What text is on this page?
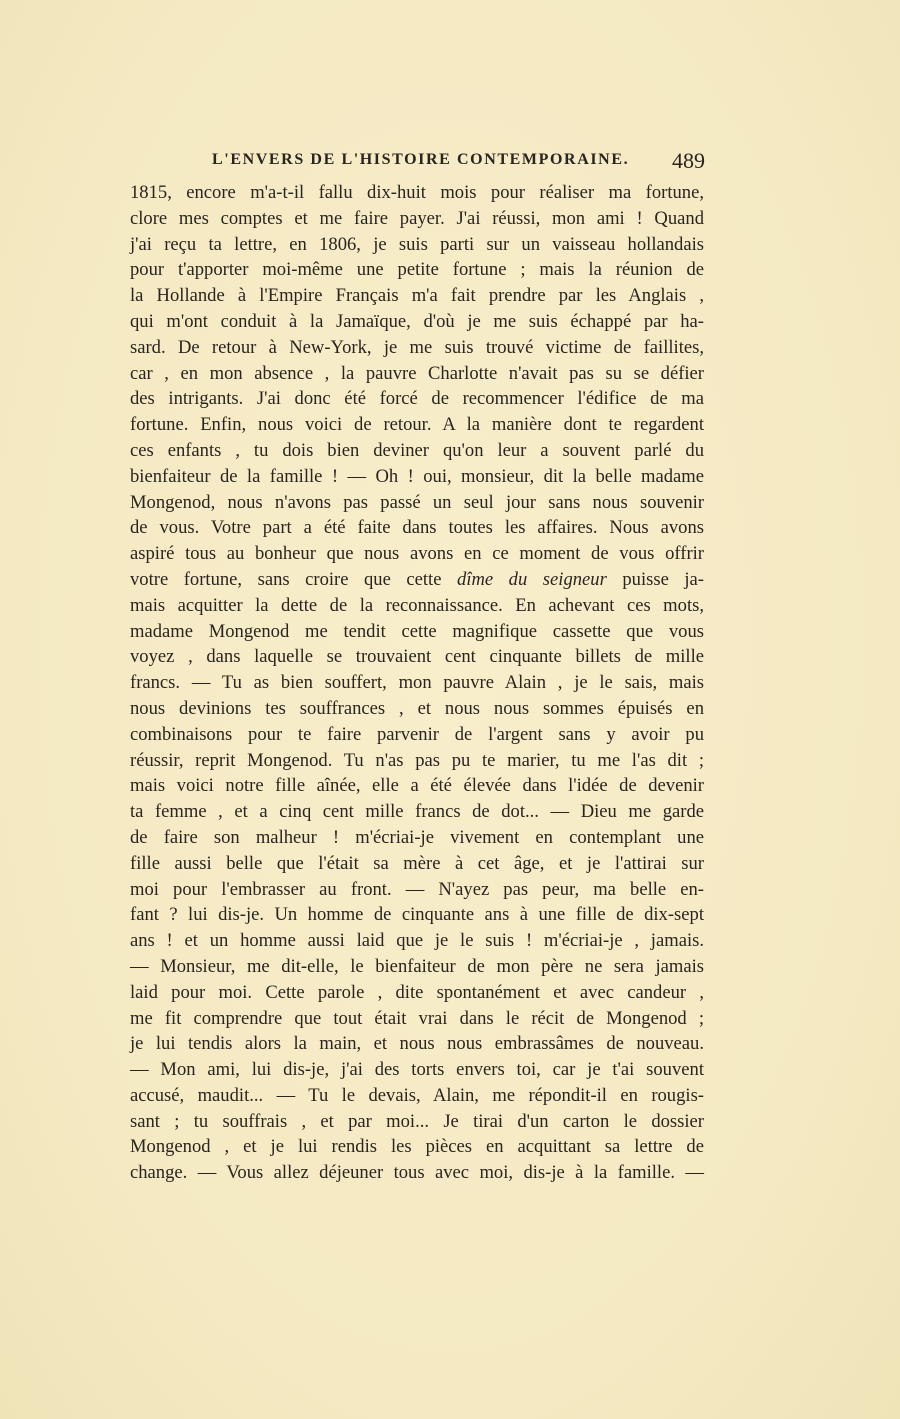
L'ENVERS DE L'HISTOIRE CONTEMPORAINE. 489
1815, encore m'a-t-il fallu dix-huit mois pour réaliser ma fortune,
clore mes comptes et me faire payer. J'ai réussi, mon ami ! Quand
j'ai reçu ta lettre, en 1806, je suis parti sur un vaisseau hollandais
pour t'apporter moi-même une petite fortune ; mais la réunion de
la Hollande à l'Empire Français m'a fait prendre par les Anglais ,
qui m'ont conduit à la Jamaïque, d'où je me suis échappé par ha-
sard. De retour à New-York, je me suis trouvé victime de faillites,
car , en mon absence , la pauvre Charlotte n'avait pas su se défier
des intrigants. J'ai donc été forcé de recommencer l'édifice de ma
fortune. Enfin, nous voici de retour. A la manière dont te regardent
ces enfants , tu dois bien deviner qu'on leur a souvent parlé du
bienfaiteur de la famille ! — Oh ! oui, monsieur, dit la belle madame
Mongenod, nous n'avons pas passé un seul jour sans nous souvenir
de vous. Votre part a été faite dans toutes les affaires. Nous avons
aspiré tous au bonheur que nous avons en ce moment de vous offrir
votre fortune, sans croire que cette dîme du seigneur puisse ja-
mais acquitter la dette de la reconnaissance. En achevant ces mots,
madame Mongenod me tendit cette magnifique cassette que vous
voyez , dans laquelle se trouvaient cent cinquante billets de mille
francs. — Tu as bien souffert, mon pauvre Alain , je le sais, mais
nous devinions tes souffrances , et nous nous sommes épuisés en
combinaisons pour te faire parvenir de l'argent sans y avoir pu
réussir, reprit Mongenod. Tu n'as pas pu te marier, tu me l'as dit ;
mais voici notre fille aînée, elle a été élevée dans l'idée de devenir
ta femme , et a cinq cent mille francs de dot... — Dieu me garde
de faire son malheur ! m'écriai-je vivement en contemplant une
fille aussi belle que l'était sa mère à cet âge, et je l'attirai sur
moi pour l'embrasser au front. — N'ayez pas peur, ma belle en-
fant ? lui dis-je. Un homme de cinquante ans à une fille de dix-sept
ans ! et un homme aussi laid que je le suis ! m'écriai-je , jamais.
— Monsieur, me dit-elle, le bienfaiteur de mon père ne sera jamais
laid pour moi. Cette parole , dite spontanément et avec candeur ,
me fit comprendre que tout était vrai dans le récit de Mongenod ;
je lui tendis alors la main, et nous nous embrassâmes de nouveau.
— Mon ami, lui dis-je, j'ai des torts envers toi, car je t'ai souvent
accusé, maudit... — Tu le devais, Alain, me répondit-il en rougis-
sant ; tu souffrais , et par moi... Je tirai d'un carton le dossier
Mongenod , et je lui rendis les pièces en acquittant sa lettre de
change. — Vous allez déjeuner tous avec moi, dis-je à la famille. —
